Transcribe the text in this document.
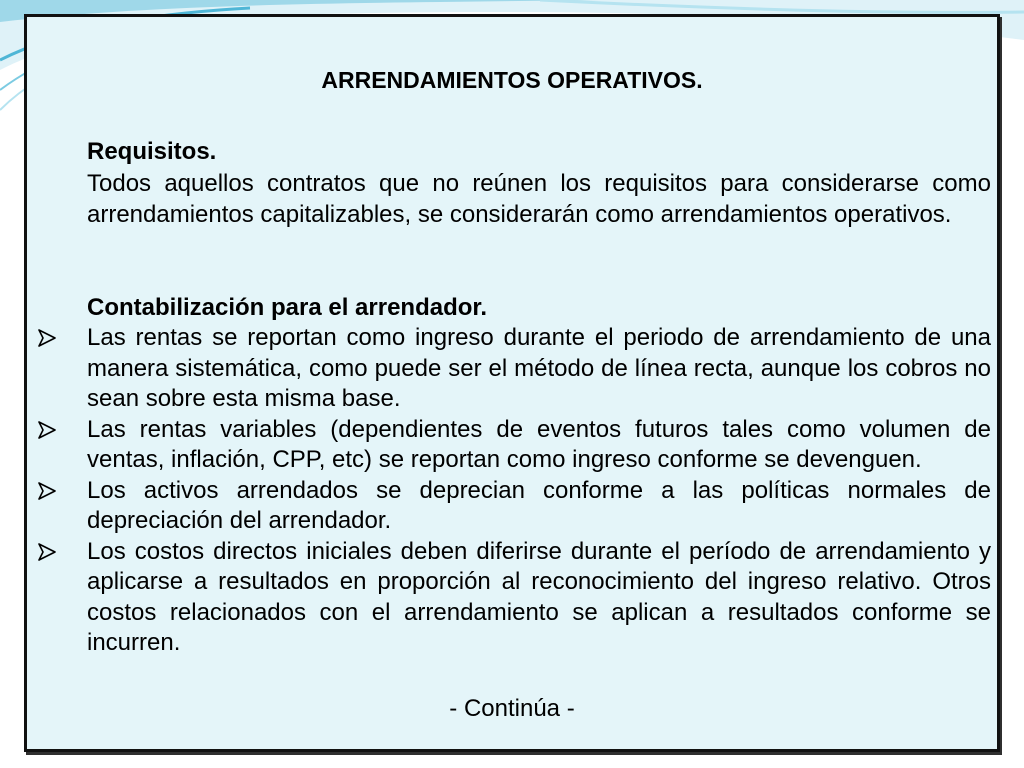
ARRENDAMIENTOS OPERATIVOS.
Requisitos.
Todos aquellos contratos que no reúnen los requisitos para considerarse como arrendamientos capitalizables, se considerarán como arrendamientos operativos.
Contabilización para el arrendador.
Las rentas se reportan como ingreso durante el periodo de arrendamiento de una manera sistemática, como puede ser el método de línea recta, aunque los cobros no sean sobre esta misma base.
Las rentas variables (dependientes de eventos futuros tales como volumen de ventas, inflación, CPP, etc) se reportan como ingreso conforme se devenguen.
Los activos arrendados se deprecian conforme a las políticas normales de depreciación del arrendador.
Los costos directos iniciales deben diferirse durante el período de arrendamiento y aplicarse a resultados en proporción al reconocimiento del ingreso relativo. Otros costos relacionados con el arrendamiento se aplican a resultados conforme se incurren.
- Continúa -
